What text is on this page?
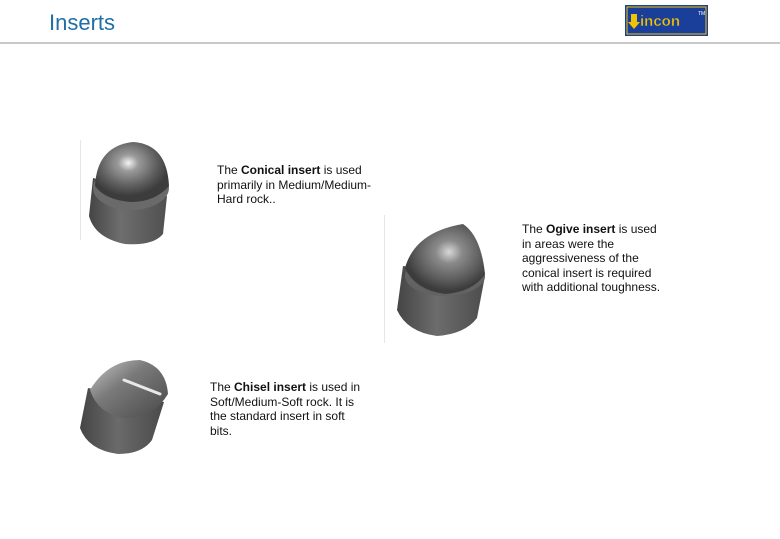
Inserts	incon	TM
The Conical insert is used primarily in Medium/Medium-Hard rock..
The Ogive insert is used in areas were the aggressiveness of the conical insert is required with additional toughness.
The Chisel insert is used in Soft/Medium-Soft rock. It is the standard insert in soft bits.
